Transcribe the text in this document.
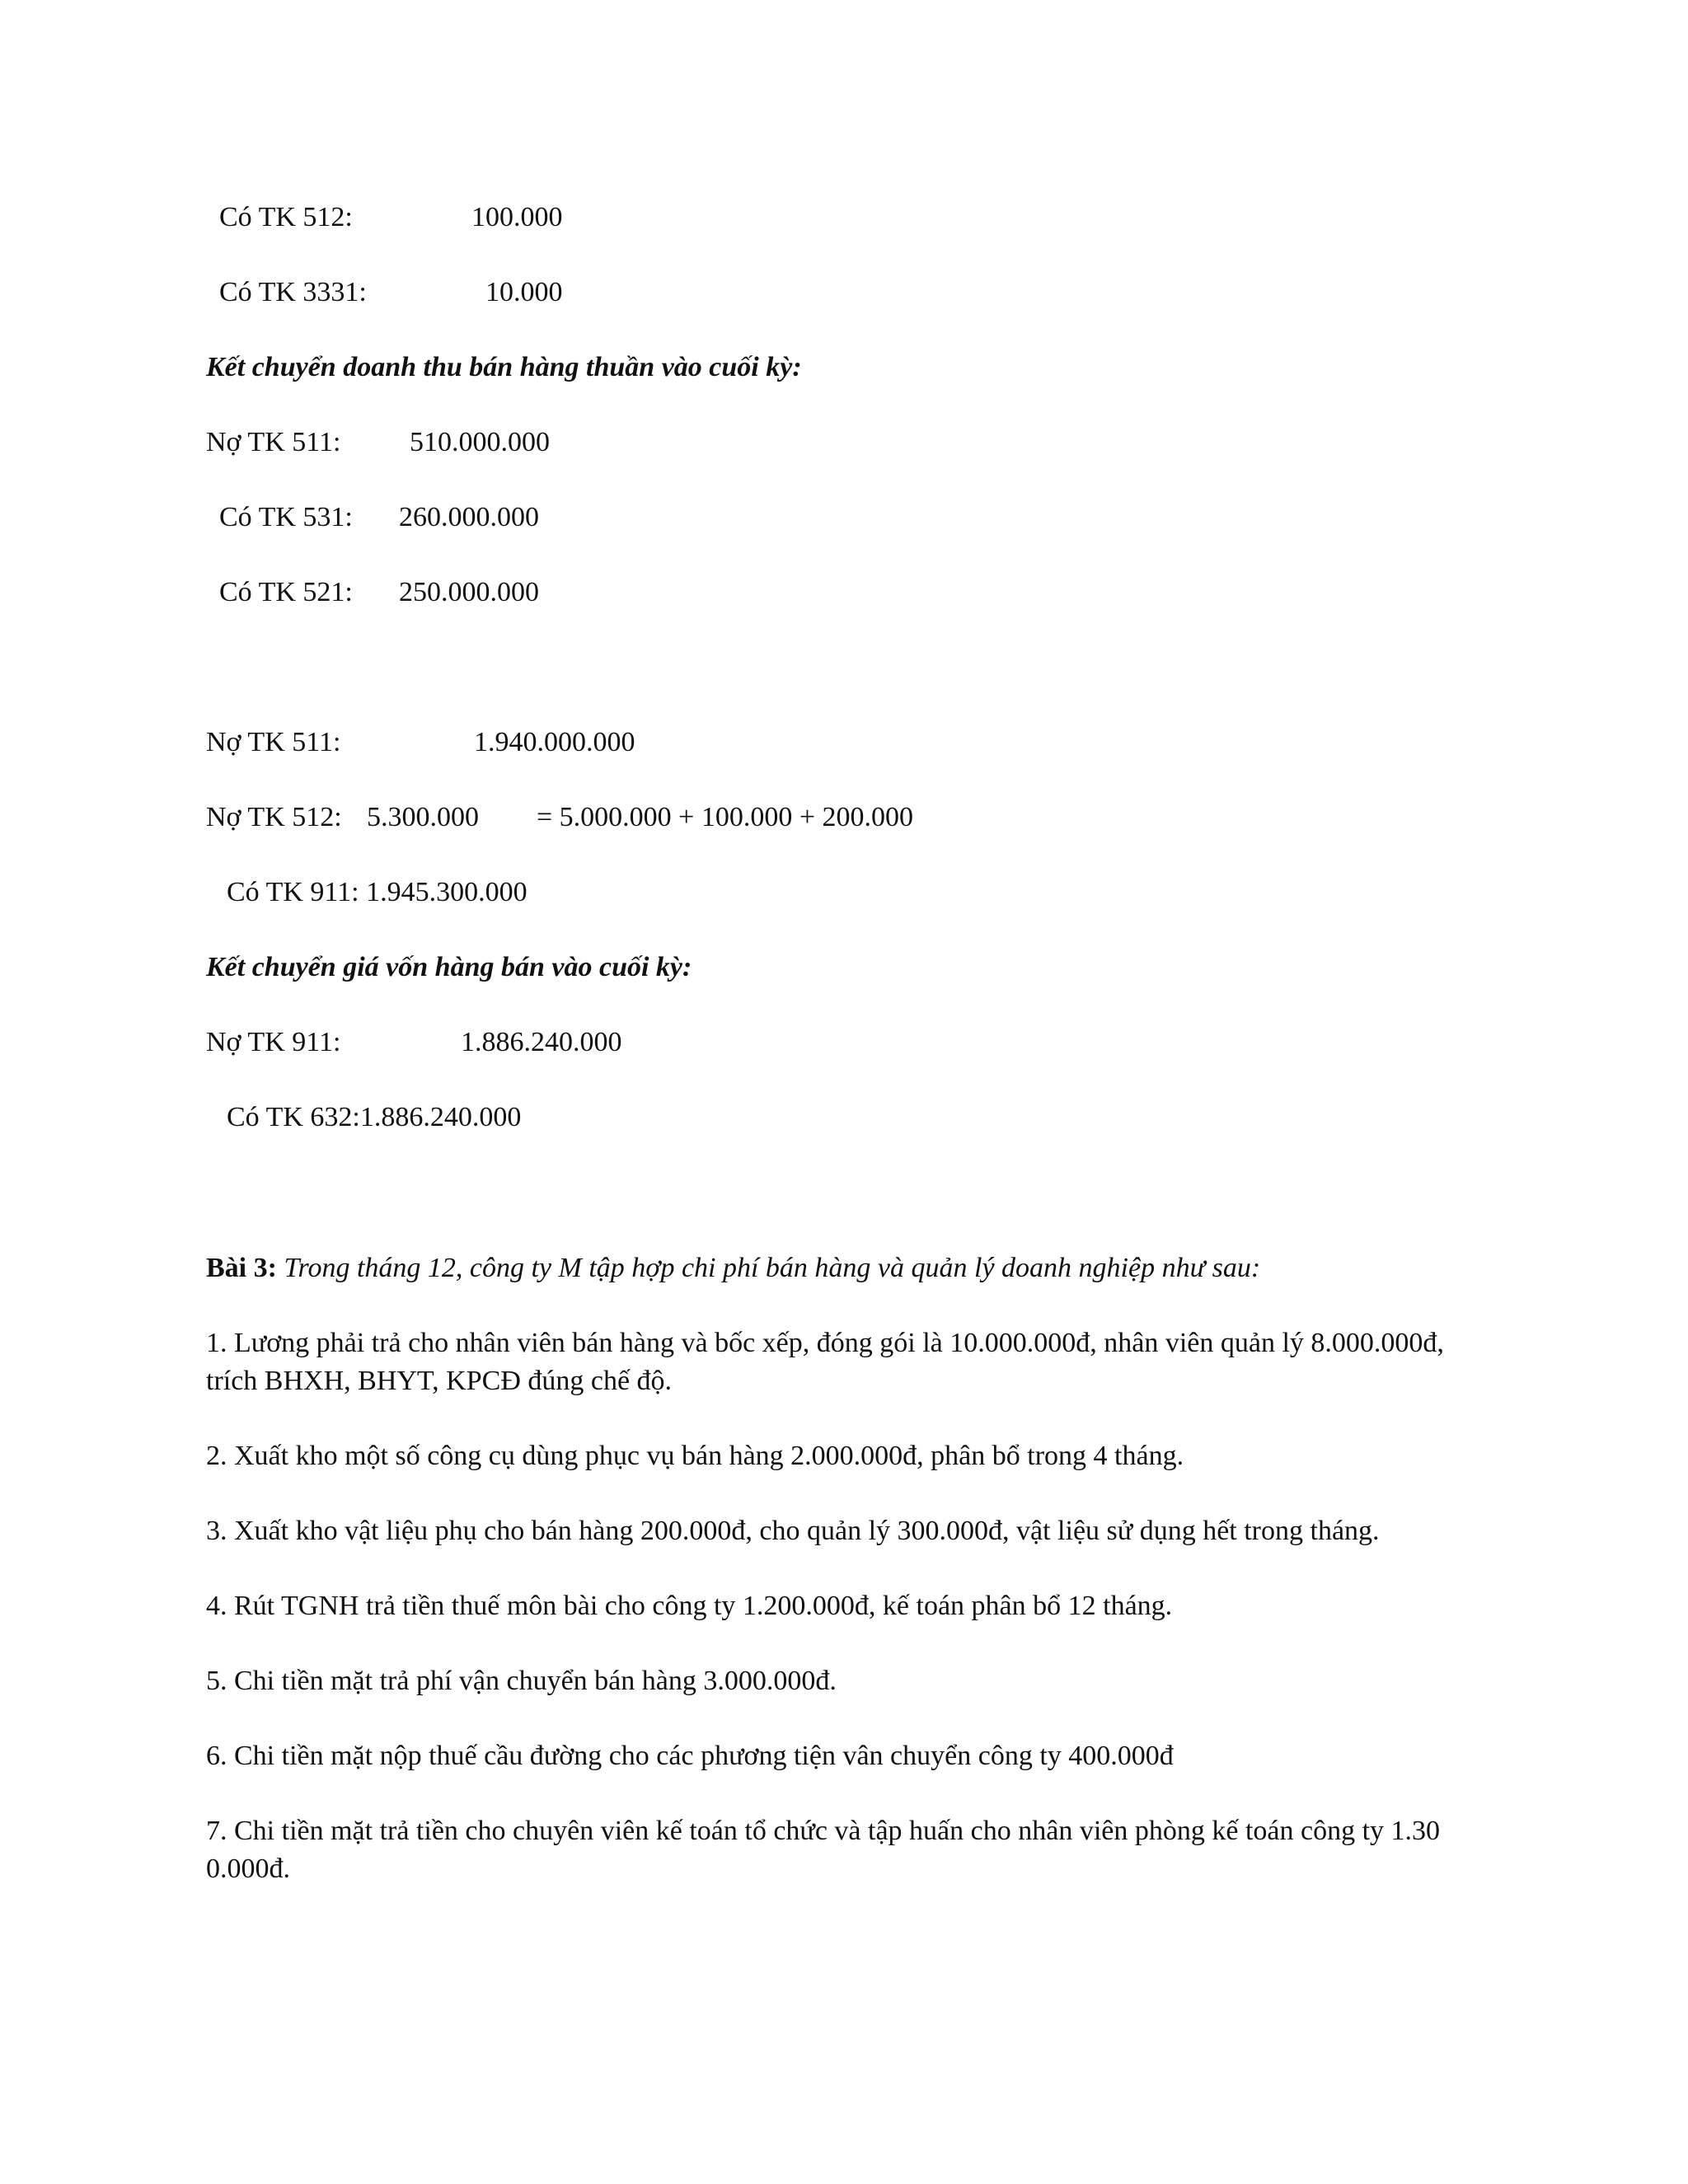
Có TK 512:	100.000
Có TK 3331:	10.000
Kết chuyển doanh thu bán hàng thuần vào cuối kỳ:
Nợ TK 511: 510.000.000
Có TK 531: 260.000.000
Có TK 521: 250.000.000
Nợ TK 511:	1.940.000.000
Nợ TK 512: 5.300.000 = 5.000.000 + 100.000 + 200.000
Có TK 911: 1.945.300.000
Kết chuyển giá vốn hàng bán vào cuối kỳ:
Nợ TK 911:	1.886.240.000
Có TK 632:1.886.240.000
Bài 3: Trong tháng 12, công ty M tập hợp chi phí bán hàng và quản lý doanh nghiệp như sau:
1. Lương phải trả cho nhân viên bán hàng và bốc xếp, đóng gói là 10.000.000đ, nhân viên quản lý 8.000.000đ, trích BHXH, BHYT, KPCĐ đúng chế độ.
2. Xuất kho một số công cụ dùng phục vụ bán hàng 2.000.000đ, phân bổ trong 4 tháng.
3. Xuất kho vật liệu phụ cho bán hàng 200.000đ, cho quản lý 300.000đ, vật liệu sử dụng hết trong tháng.
4. Rút TGNH trả tiền thuế môn bài cho công ty 1.200.000đ, kế toán phân bổ 12 tháng.
5. Chi tiền mặt trả phí vận chuyển bán hàng 3.000.000đ.
6. Chi tiền mặt nộp thuế cầu đường cho các phương tiện vân chuyển công ty 400.000đ
7. Chi tiền mặt trả tiền cho chuyên viên kế toán tổ chức và tập huấn cho nhân viên phòng kế toán công ty 1.30 0.000đ.
